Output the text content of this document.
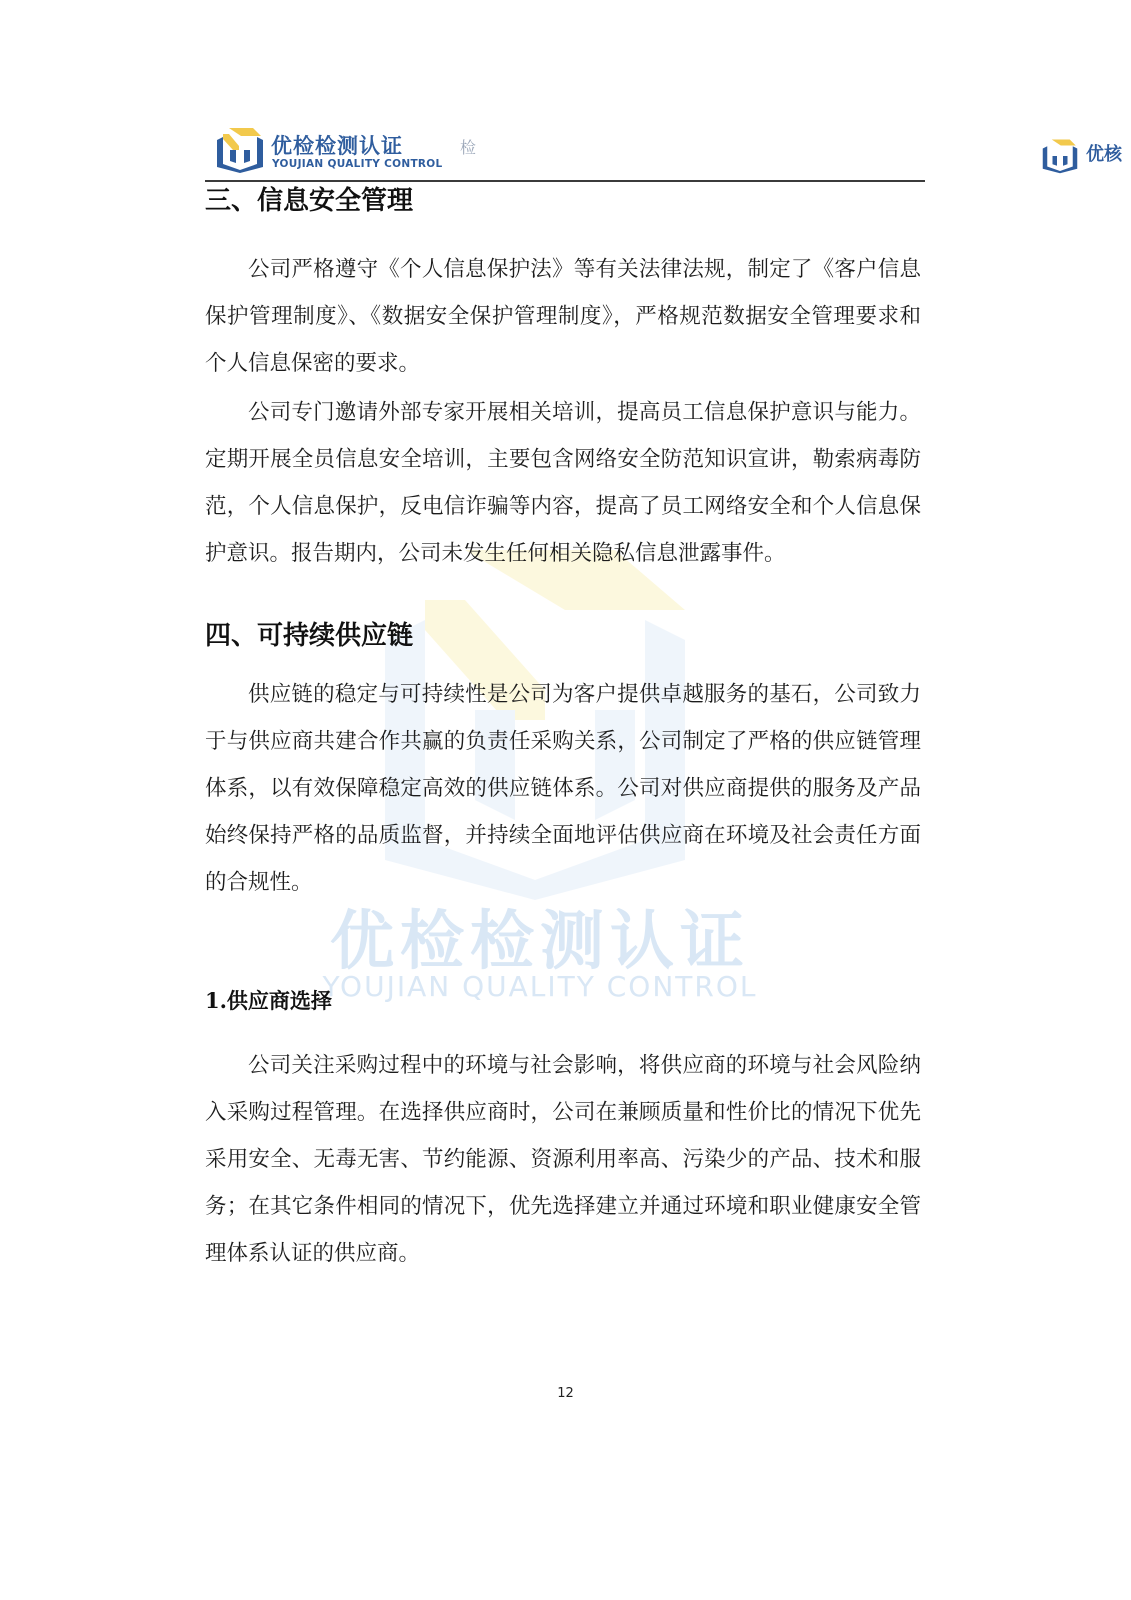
优检检测认证
YOUJIAN QUALITY CONTROL
优检检测认证
YOUJIAN QUALITY CONTROL
检	优核
三、信息安全管理

公司严格遵守《个人信息保护法》等有关法律法规，制定了《客户信息保护管理制度》、《数据安全保护管理制度》，严格规范数据安全管理要求和个人信息保密的要求。

公司专门邀请外部专家开展相关培训，提高员工信息保护意识与能力。定期开展全员信息安全培训，主要包含网络安全防范知识宣讲，勒索病毒防范，个人信息保护，反电信诈骗等内容，提高了员工网络安全和个人信息保护意识。报告期内，公司未发生任何相关隐私信息泄露事件。

四、可持续供应链

供应链的稳定与可持续性是公司为客户提供卓越服务的基石，公司致力于与供应商共建合作共赢的负责任采购关系，公司制定了严格的供应链管理体系，以有效保障稳定高效的供应链体系。公司对供应商提供的服务及产品始终保持严格的品质监督，并持续全面地评估供应商在环境及社会责任方面的合规性。

1.供应商选择

公司关注采购过程中的环境与社会影响，将供应商的环境与社会风险纳入采购过程管理。在选择供应商时，公司在兼顾质量和性价比的情况下优先采用安全、无毒无害、节约能源、资源利用率高、污染少的产品、技术和服务；在其它条件相同的情况下，优先选择建立并通过环境和职业健康安全管理体系认证的供应商。

12
